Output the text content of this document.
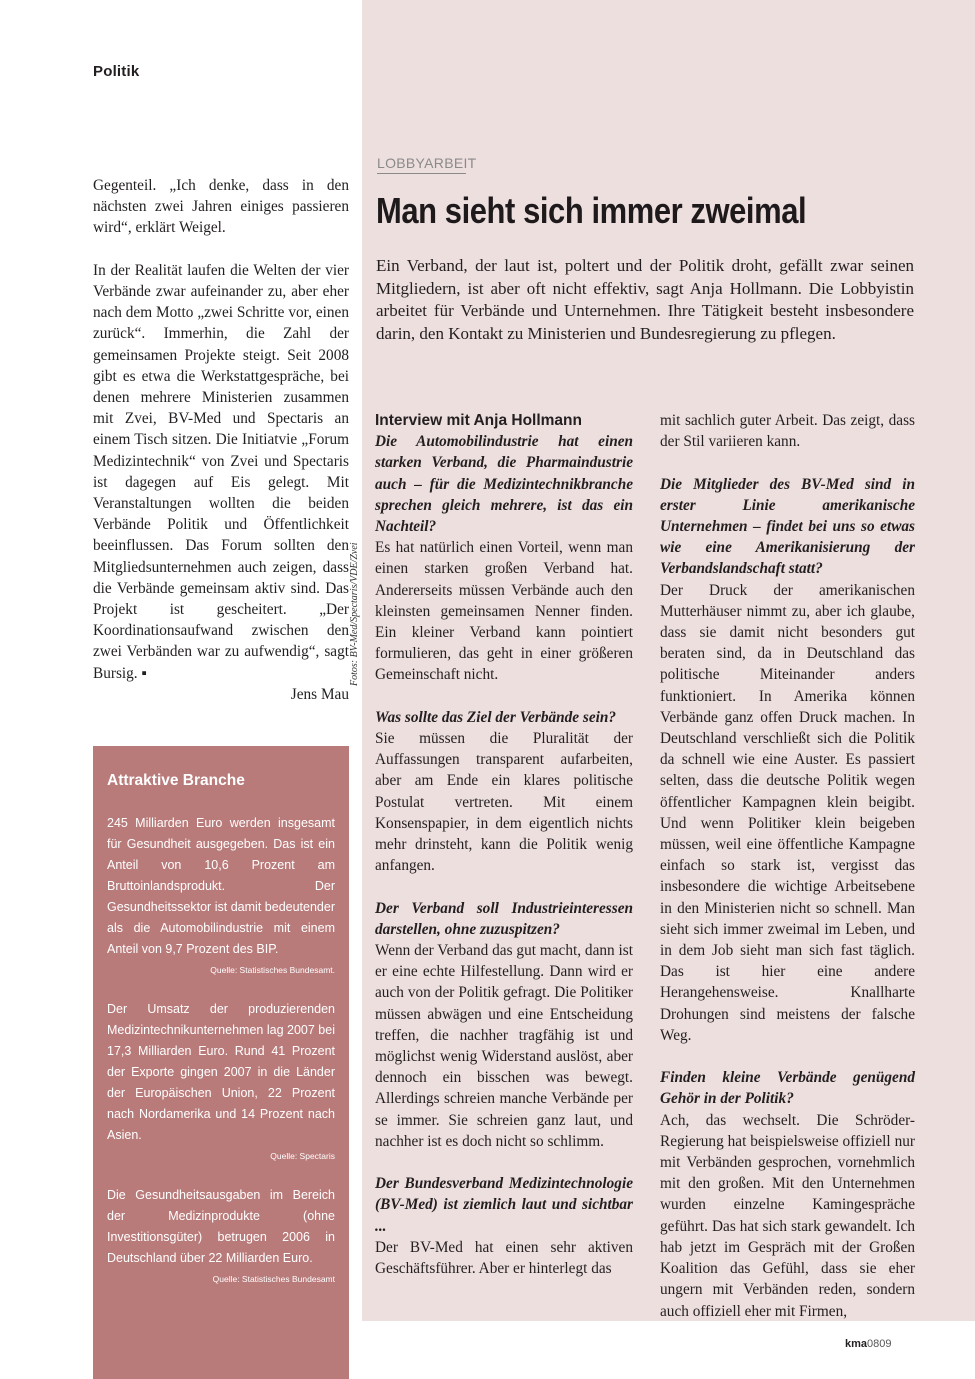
Politik

Gegenteil. „Ich denke, dass in den nächsten zwei Jahren einiges passieren wird“, erklärt Weigel.

In der Realität laufen die Welten der vier Verbände zwar aufeinander zu, aber eher nach dem Motto „zwei Schritte vor, einen zurück“. Immerhin, die Zahl der gemeinsamen Projekte steigt. Seit 2008 gibt es etwa die Werkstattgespräche, bei denen mehrere Ministerien zusammen mit Zvei, BV-Med und Spectaris an einem Tisch sitzen. Die Initiatvie „Forum Medizintechnik“ von Zvei und Spectaris ist dagegen auf Eis gelegt. Mit Veranstaltungen wollten die beiden Verbände Politik und Öffentlichkeit beeinflussen. Das Forum sollten den Mitgliedsunternehmen auch zeigen, dass die Verbände gemeinsam aktiv sind. Das Projekt ist gescheitert. „Der Koordinationsaufwand zwischen den zwei Verbänden war zu aufwendig“, sagt Bursig. ▪

Jens Mau

Fotos: BV-Med/Spectaris/VDE/Zvei
LOBBYARBEIT
Man sieht sich immer zweimal

Ein Verband, der laut ist, poltert und der Politik droht, gefällt zwar seinen Mitgliedern, ist aber oft nicht effektiv, sagt Anja Hollmann. Die Lobbyistin arbeitet für Verbände und Unternehmen. Ihre Tätigkeit besteht insbesondere darin, den Kontakt zu Ministerien und Bundesregierung zu pflegen.

Interview mit Anja Hollmann

Die Automobilindustrie hat einen starken Verband, die Pharmaindustrie auch – für die Medizintechnikbranche sprechen gleich mehrere, ist das ein Nachteil?

Es hat natürlich einen Vorteil, wenn man einen starken großen Verband hat. Andererseits müssen Verbände auch den kleinsten gemeinsamen Nenner finden. Ein kleiner Verband kann pointiert formulieren, das geht in einer größeren Gemeinschaft nicht.

Was sollte das Ziel der Verbände sein?

Sie müssen die Pluralität der Auffassungen transparent aufarbeiten, aber am Ende ein klares politische Postulat vertreten. Mit einem Konsenspapier, in dem eigentlich nichts mehr drinsteht, kann die Politik wenig anfangen.

Der Verband soll Industrieinteressen darstellen, ohne zuzuspitzen?

Wenn der Verband das gut macht, dann ist er eine echte Hilfestellung. Dann wird er auch von der Politik gefragt. Die Politiker müssen abwägen und eine Entscheidung treffen, die nachher tragfähig ist und möglichst wenig Widerstand auslöst, aber dennoch ein bisschen was bewegt. Allerdings schreien manche Verbände per se immer. Sie schreien ganz laut, und nachher ist es doch nicht so schlimm.

Der Bundesverband Medizintechnologie (BV-Med) ist ziemlich laut und sichtbar ...

Der BV-Med hat einen sehr aktiven Geschäftsführer. Aber er hinterlegt das

mit sachlich guter Arbeit. Das zeigt, dass der Stil variieren kann.

Die Mitglieder des BV-Med sind in erster Linie amerikanische Unternehmen – findet bei uns so etwas wie eine Amerikanisierung der Verbandslandschaft statt?

Der Druck der amerikanischen Mutterhäuser nimmt zu, aber ich glaube, dass sie damit nicht besonders gut beraten sind, da in Deutschland das politische Miteinander anders funktioniert. In Amerika können Verbände ganz offen Druck machen. In Deutschland verschließt sich die Politik da schnell wie eine Auster. Es passiert selten, dass die deutsche Politik wegen öffentlicher Kampagnen klein beigibt. Und wenn Politiker klein beigeben müssen, weil eine öffentliche Kampagne einfach so stark ist, vergisst das insbesondere die wichtige Arbeitsebene in den Ministerien nicht so schnell. Man sieht sich immer zweimal im Leben, und in dem Job sieht man sich fast täglich. Das ist hier eine andere Herangehensweise. Knallharte Drohungen sind meistens der falsche Weg.

Finden kleine Verbände genügend Gehör in der Politik?

Ach, das wechselt. Die Schröder-Regierung hat beispielsweise offiziell nur mit Verbänden gesprochen, vornehmlich mit den großen. Mit den Unternehmen wurden einzelne Kamingespräche geführt. Das hat sich stark gewandelt. Ich hab jetzt im Gespräch mit der Großen Koalition das Gefühl, dass sie eher ungern mit Verbänden reden, sondern auch offiziell eher mit Firmen,

Attraktive Branche

245 Milliarden Euro werden insgesamt für Gesundheit ausgegeben. Das ist ein Anteil von 10,6 Prozent am Bruttoinlandsprodukt. Der Gesundheitssektor ist damit bedeutender als die Automobilindustrie mit einem Anteil von 9,7 Prozent des BIP.

Quelle: Statistisches Bundesamt.

Der Umsatz der produzierenden Medizintechnikunternehmen lag 2007 bei 17,3 Milliarden Euro. Rund 41 Prozent der Exporte gingen 2007 in die Länder der Europäischen Union, 22 Prozent nach Nordamerika und 14 Prozent nach Asien.

Quelle: Spectaris

Die Gesundheitsausgaben im Bereich der Medizinprodukte (ohne Investitionsgüter) betrugen 2006 in Deutschland über 22 Milliarden Euro.

Quelle: Statistisches Bundesamt

kma0809
